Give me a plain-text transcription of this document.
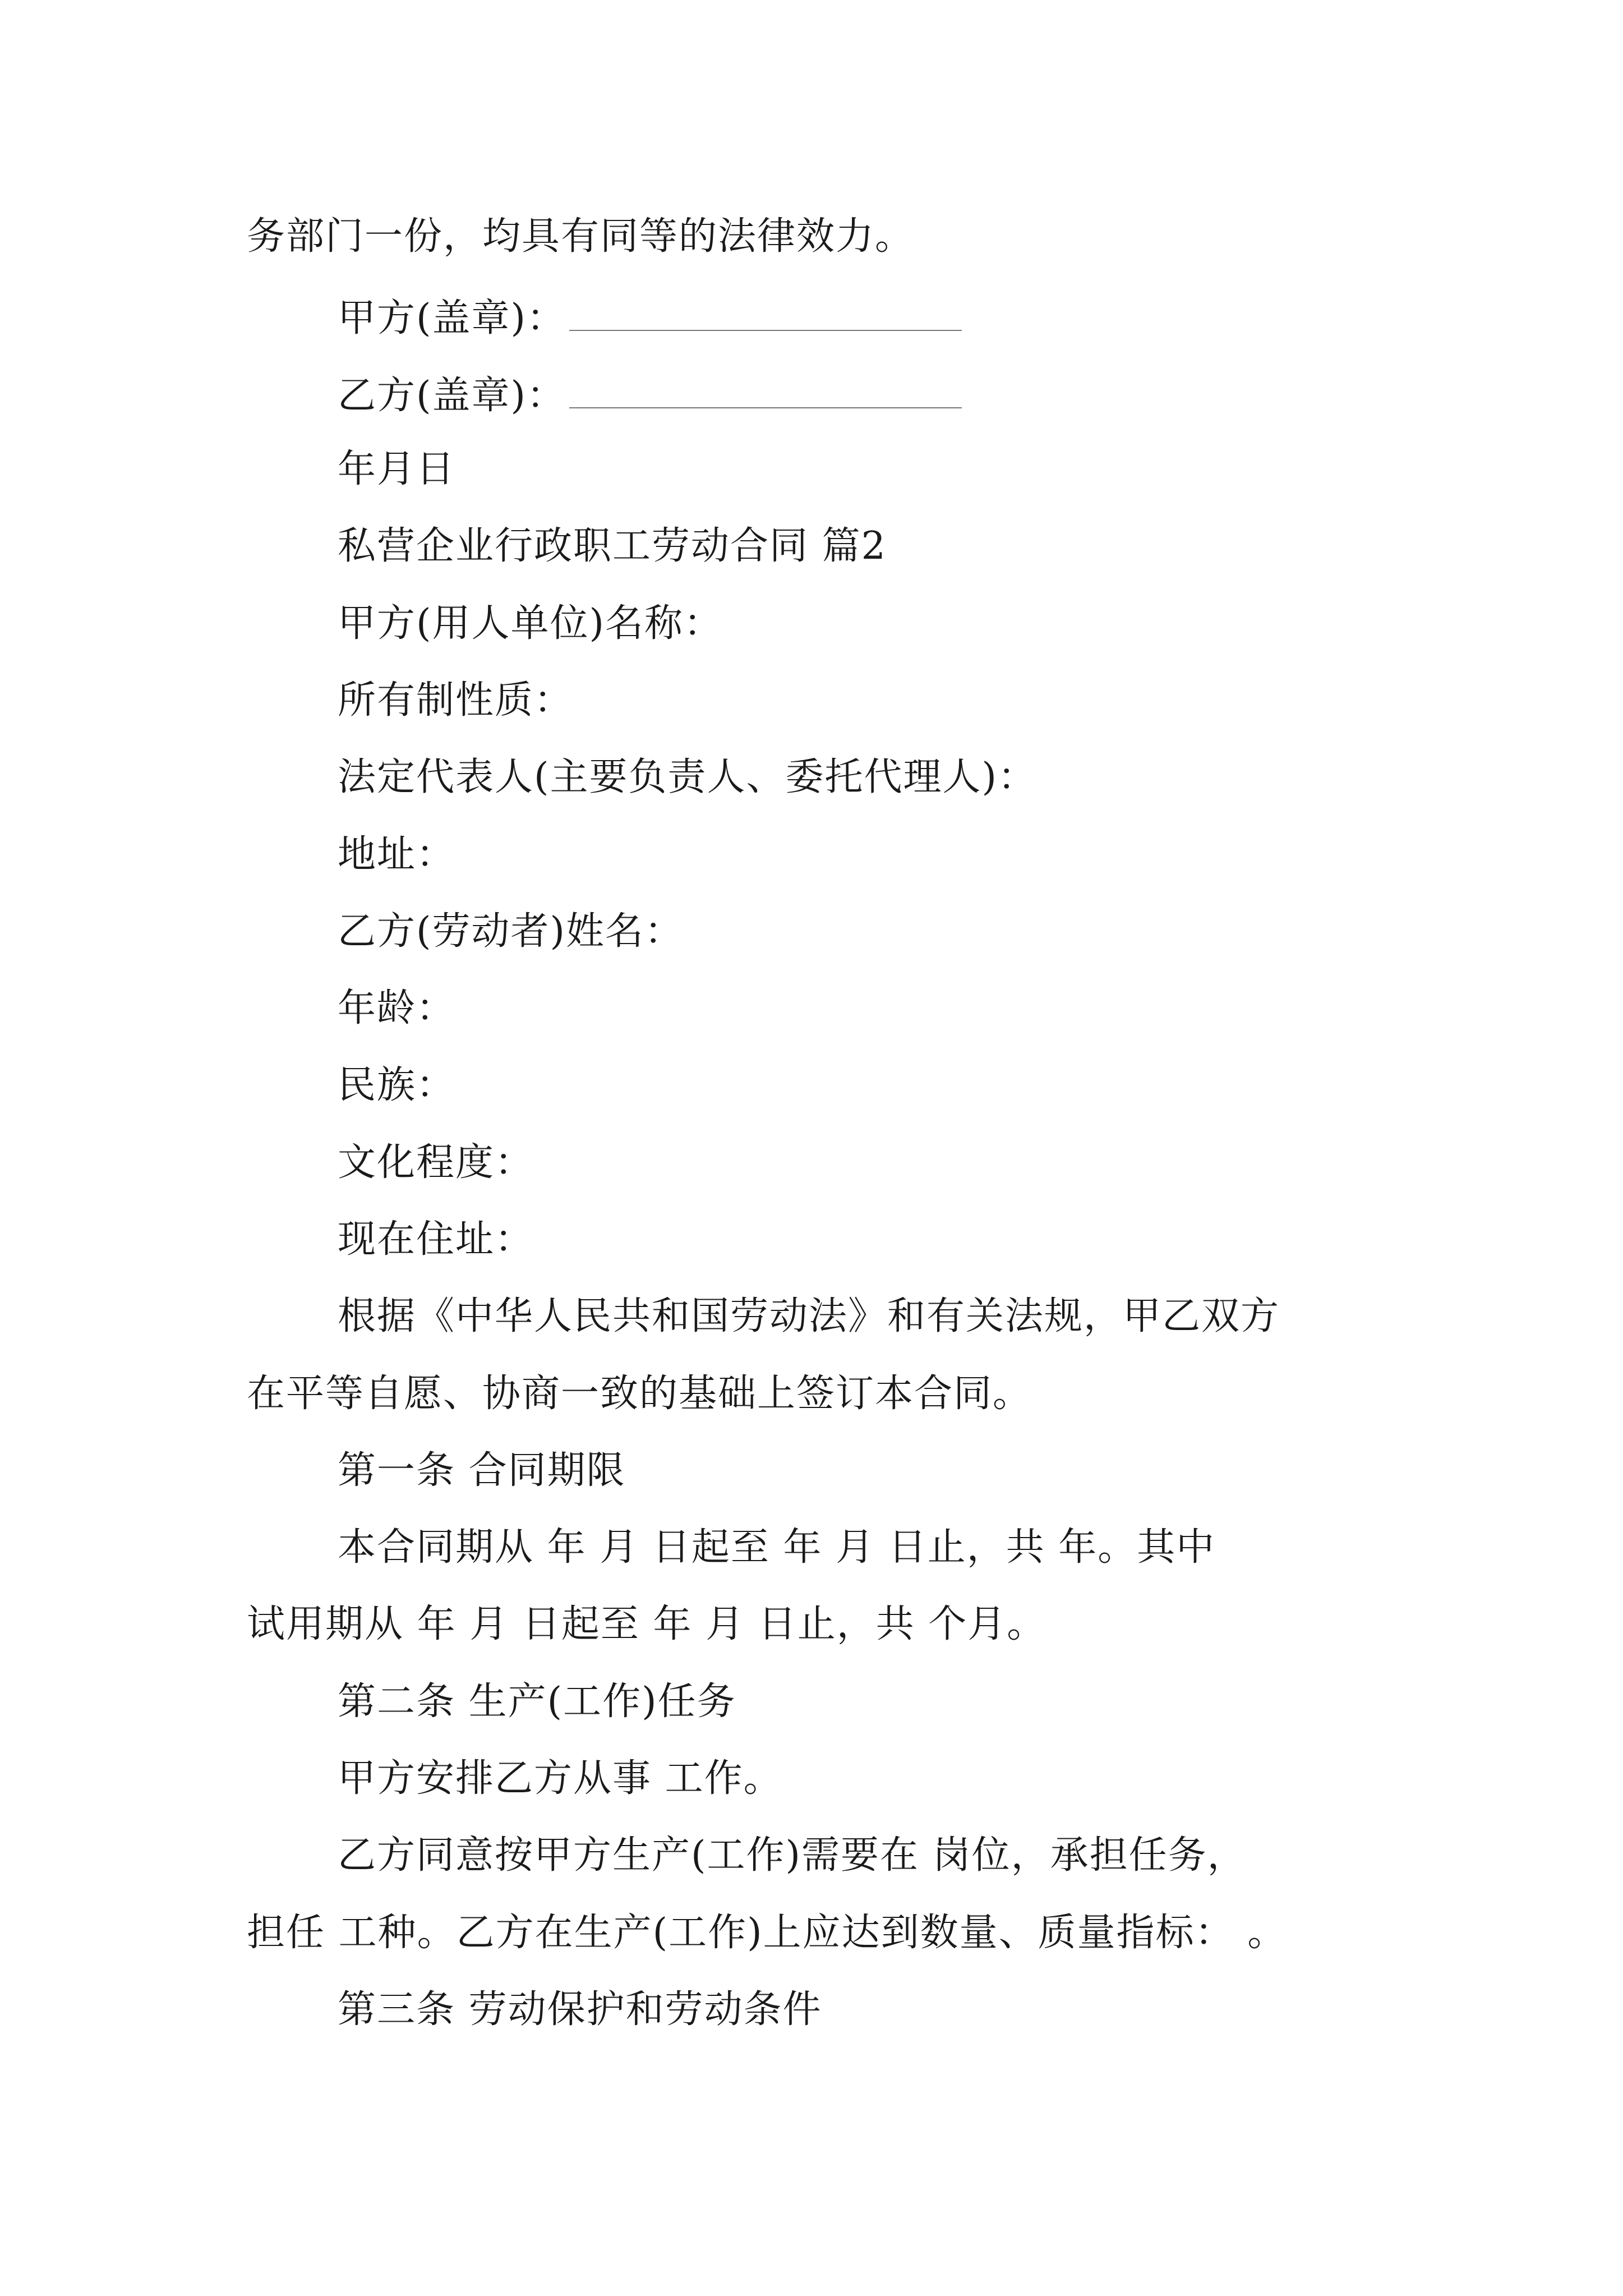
务部门一份，均具有同等的法律效力。
甲方(盖章)：
乙方(盖章)：
年月日
私营企业行政职工劳动合同 篇2
甲方(用人单位)名称：
所有制性质：
法定代表人(主要负责人、委托代理人)：
地址：
乙方(劳动者)姓名：
年龄：
民族：
文化程度：
现在住址：
根据《中华人民共和国劳动法》和有关法规，甲乙双方
在平等自愿、协商一致的基础上签订本合同。
第一条 合同期限
本合同期从 年 月 日起至 年 月 日止，共 年。其中
试用期从 年 月 日起至 年 月 日止，共 个月。
第二条 生产(工作)任务
甲方安排乙方从事 工作。
乙方同意按甲方生产(工作)需要在 岗位，承担任务，
担任 工种。乙方在生产(工作)上应达到数量、质量指标： 。
第三条 劳动保护和劳动条件
